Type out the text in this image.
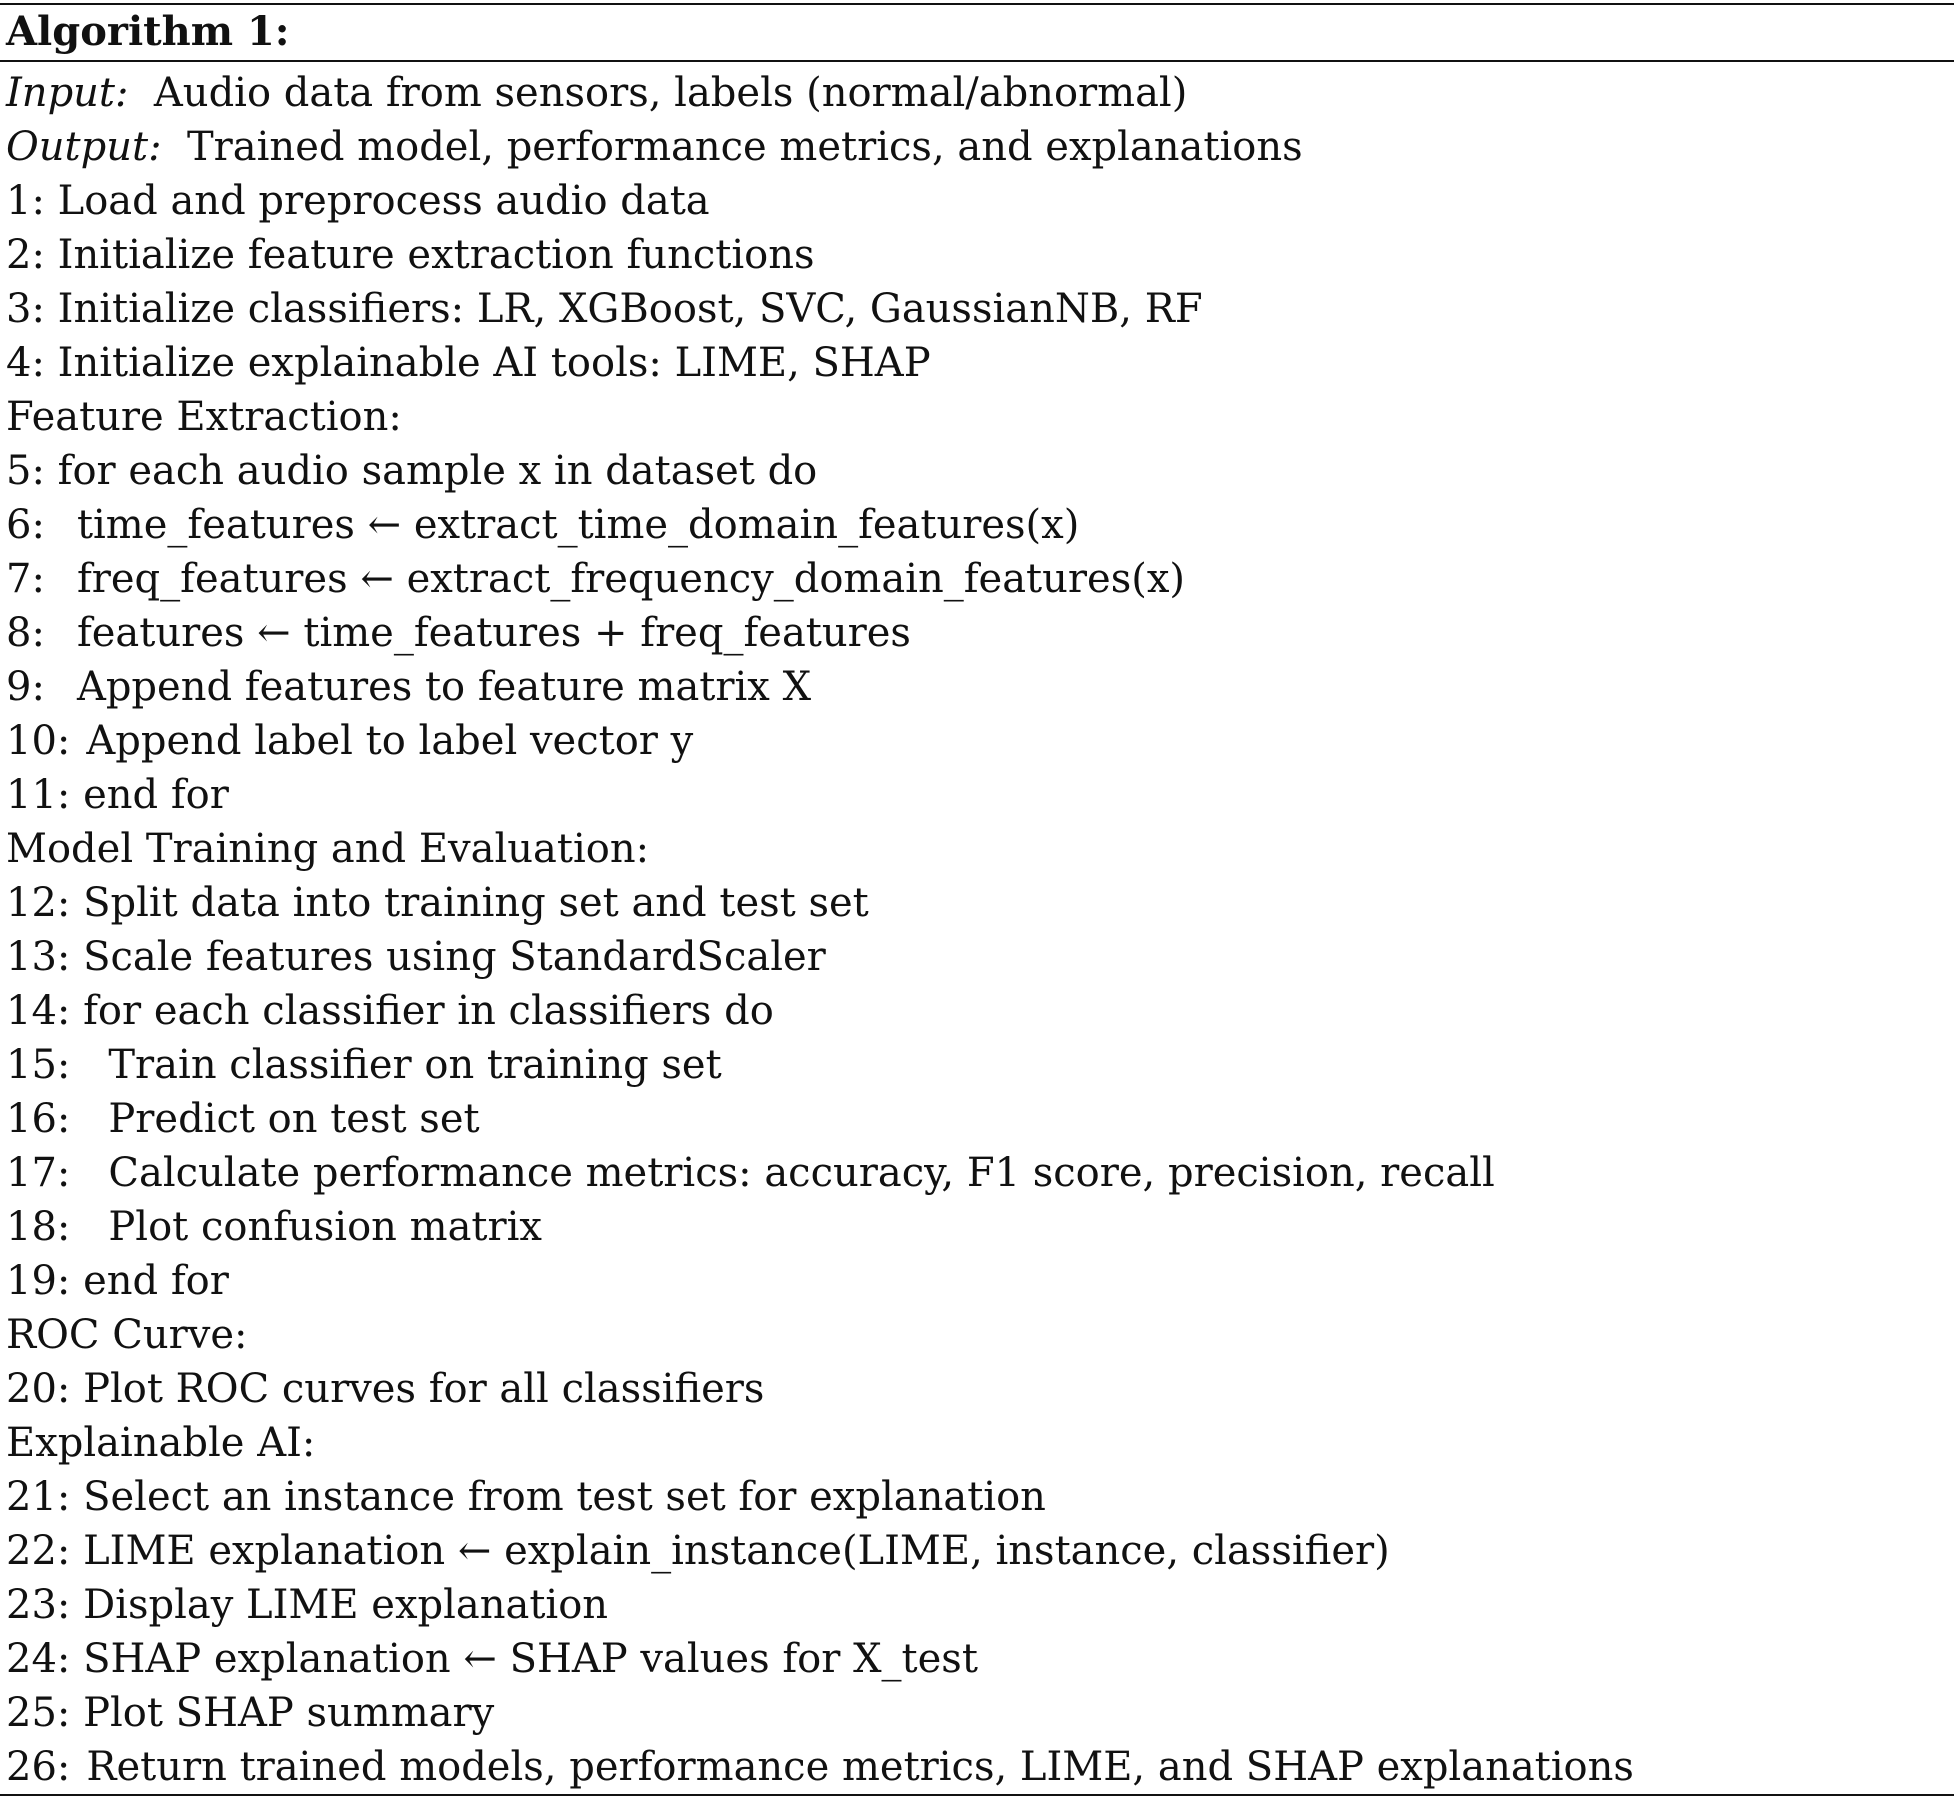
Algorithm 1:
Input: Audio data from sensors, labels (normal/abnormal)
Output: Trained model, performance metrics, and explanations
1: Load and preprocess audio data
2: Initialize feature extraction functions
3: Initialize classifiers: LR, XGBoost, SVC, GaussianNB, RF
4: Initialize explainable AI tools: LIME, SHAP
Feature Extraction:
5: for each audio sample x in dataset do
6: time_features ← extract_time_domain_features(x)
7: freq_features ← extract_frequency_domain_features(x)
8: features ← time_features + freq_features
9: Append features to feature matrix X
10: Append label to label vector y
11: end for
Model Training and Evaluation:
12: Split data into training set and test set
13: Scale features using StandardScaler
14: for each classifier in classifiers do
15: Train classifier on training set
16: Predict on test set
17: Calculate performance metrics: accuracy, F1 score, precision, recall
18: Plot confusion matrix
19: end for
ROC Curve:
20: Plot ROC curves for all classifiers
Explainable AI:
21: Select an instance from test set for explanation
22: LIME explanation ← explain_instance(LIME, instance, classifier)
23: Display LIME explanation
24: SHAP explanation ← SHAP values for X_test
25: Plot SHAP summary
26: Return trained models, performance metrics, LIME, and SHAP explanations
